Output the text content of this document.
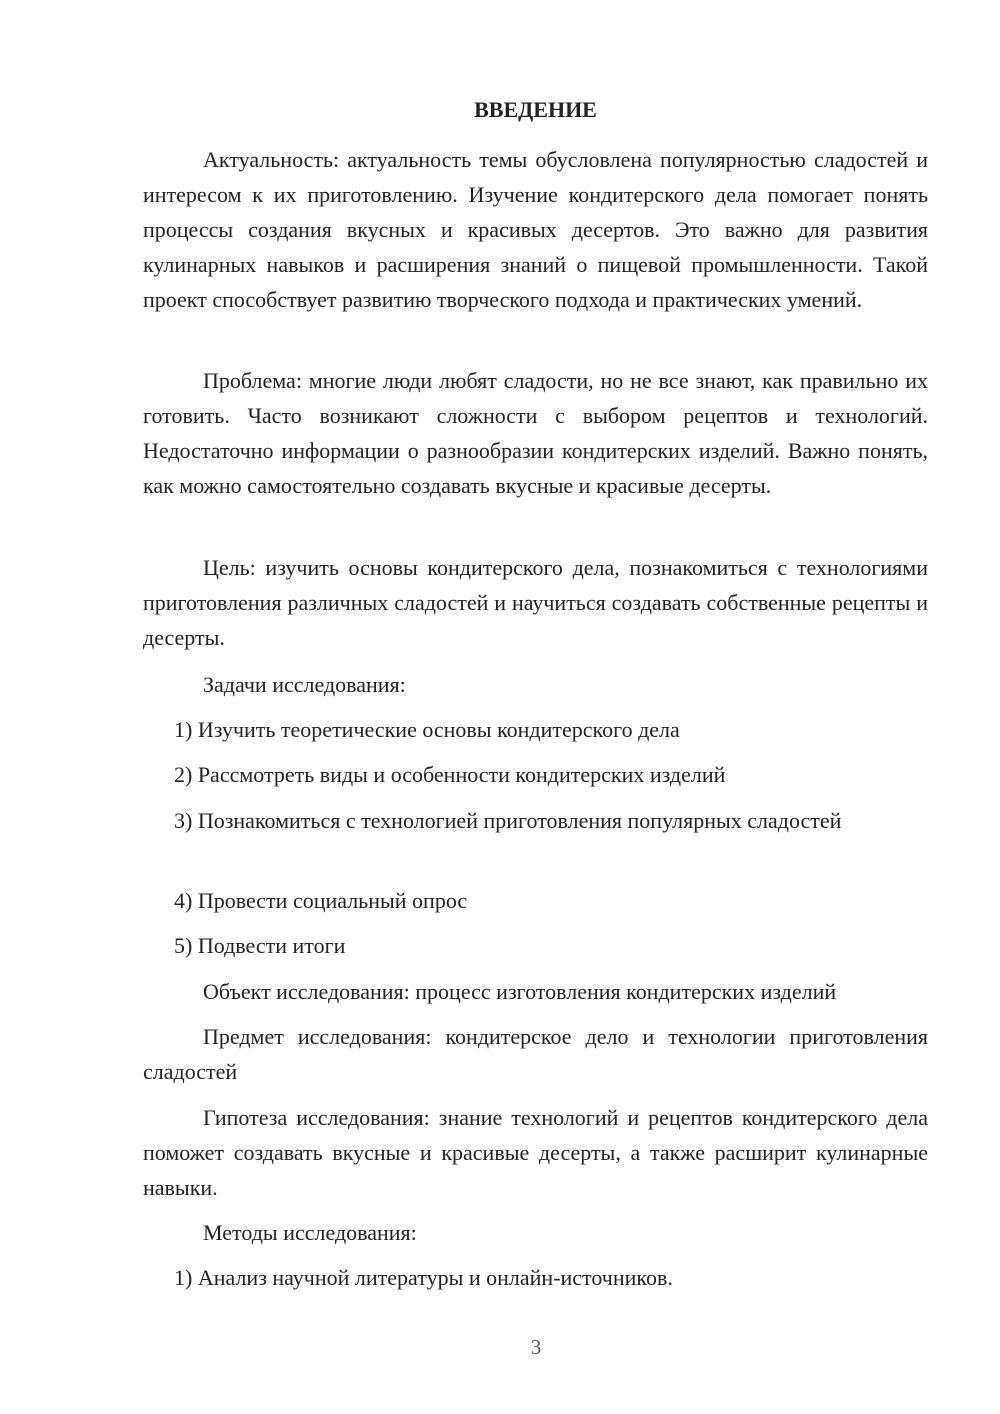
ВВЕДЕНИЕ

Актуальность: актуальность темы обусловлена популярностью сладостей и интересом к их приготовлению. Изучение кондитерского дела помогает понять процессы создания вкусных и красивых десертов. Это важно для развития кулинарных навыков и расширения знаний о пищевой промышленности. Такой проект способствует развитию творческого подхода и практических умений.

Проблема: многие люди любят сладости, но не все знают, как правильно их готовить. Часто возникают сложности с выбором рецептов и технологий. Недостаточно информации о разнообразии кондитерских изделий. Важно понять, как можно самостоятельно создавать вкусные и красивые десерты.

Цель: изучить основы кондитерского дела, познакомиться с технологиями приготовления различных сладостей и научиться создавать собственные рецепты и десерты.

Задачи исследования:

1) Изучить теоретические основы кондитерского дела

2) Рассмотреть виды и особенности кондитерских изделий

3) Познакомиться с технологией приготовления популярных сладостей

4) Провести социальный опрос

5) Подвести итоги

Объект исследования: процесс изготовления кондитерских изделий

Предмет исследования: кондитерское дело и технологии приготовления сладостей

Гипотеза исследования: знание технологий и рецептов кондитерского дела поможет создавать вкусные и красивые десерты, а также расширит кулинарные навыки.

Методы исследования:

1) Анализ научной литературы и онлайн-источников.

3
